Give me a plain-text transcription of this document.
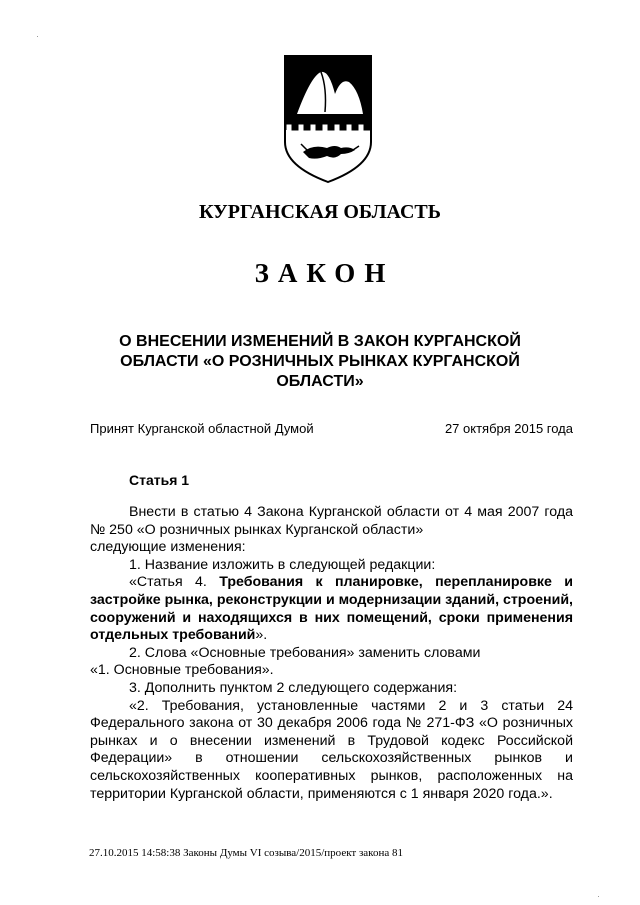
КУРГАНСКАЯ ОБЛАСТЬ
ЗАКОН
О ВНЕСЕНИИ ИЗМЕНЕНИЙ В ЗАКОН КУРГАНСКОЙ
ОБЛАСТИ «О РОЗНИЧНЫХ РЫНКАХ КУРГАНСКОЙ
ОБЛАСТИ»
Принят Курганской областной Думой	27 октября 2015 года
Статья 1

Внести в статью 4 Закона Курганской области от 4 мая 2007 года № 250 «О розничных рынках Курганской области»

следующие изменения:

1. Название изложить в следующей редакции:

«Статья 4. Требования к планировке, перепланировке и застройке рынка, реконструкции и модернизации зданий, строений, сооружений и находящихся в них помещений, сроки применения отдельных требований».

2. Слова «Основные требования» заменить словами

«1. Основные требования».

3. Дополнить пунктом 2 следующего содержания:

«2. Требования, установленные частями 2 и 3 статьи 24 Федерального закона от 30 декабря 2006 года № 271-ФЗ «О розничных рынках и о внесении изменений в Трудовой кодекс Российской Федерации» в отношении сельскохозяйственных рынков и сельскохозяйственных кооперативных рынков, расположенных на территории Курганской области, применяются с 1 января 2020 года.».

27.10.2015 14:58:38 Законы Думы VI созыва/2015/проект закона 81
